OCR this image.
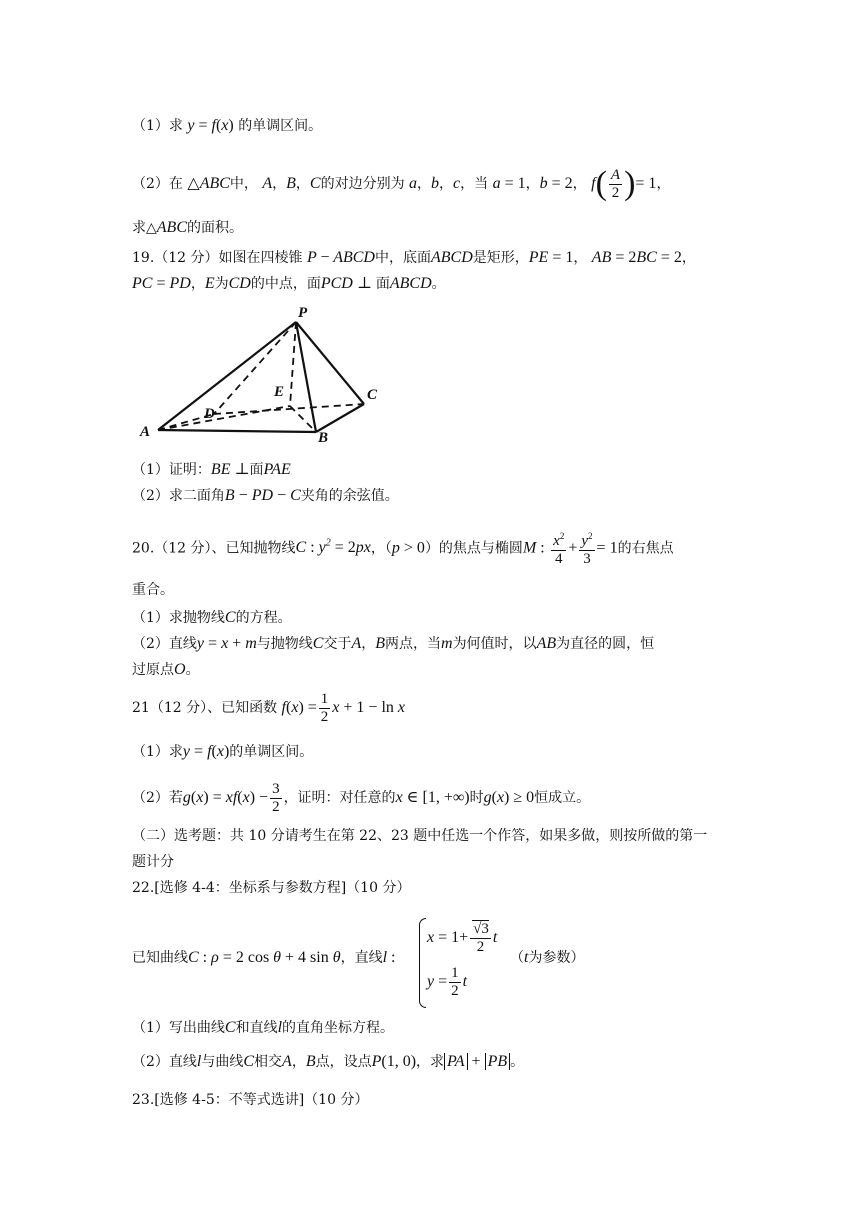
（1）求 y = f(x) 的单调区间。
（2）在 △ABC中， A，B，C的对边分别为 a，b，c，当 a = 1，b = 2， $f( \frac{A}{2}$ )= 1，
求△ABC的面积。
19.（12 分）如图在四棱锥 P − ABCD中，底面ABCD是矩形，PE = 1， AB = 2BC = 2，
PC = PD，E为CD的中点，面PCD ⊥ 面ABCD。
P
E	C
D
A	B
（1）证明：BE ⊥面PAE
（2）求二面角B − PD − C夹角的余弦值。
20.（12 分）、已知抛物线C : $y^2 = 2px$，（p > 0）的焦点与椭圆M : $\frac{x^2}{4} + \frac{y^2}{3} = 1$的右焦点
重合。
（1）求抛物线C的方程。
（2）直线y = x + m与抛物线C交于A，B两点，当m为何值时，以AB为直径的圆，恒
过原点O。
21（12 分）、已知函数 $f(x) = \frac{1}{2}$ x + 1 − ln x
（1）求y = f(x)的单调区间。
（2）若$g(x) = xf(x) - \frac{3}{2}$ ，证明：对任意的x ∈ [1, +∞)时g(x) ≥ 0恒成立。
（二）选考题：共 10 分请考生在第 22、23 题中任选一个作答，如果多做，则按所做的第一
题计分
22.[选修 4-4：坐标系与参数方程]（10 分）
已知曲线C : ρ = 2 cos θ + 4 sin θ，直线l :
$x = 1+ \frac{√3}{2}$ t
$y = \frac{1}{2}$ t
（t为参数）
（1）写出曲线C和直线l的直角坐标方程。
（2）直线l与曲线C相交A，B点，设点P(1, 0)，求 PA + PB 。
23.[选修 4-5：不等式选讲]（10 分）
